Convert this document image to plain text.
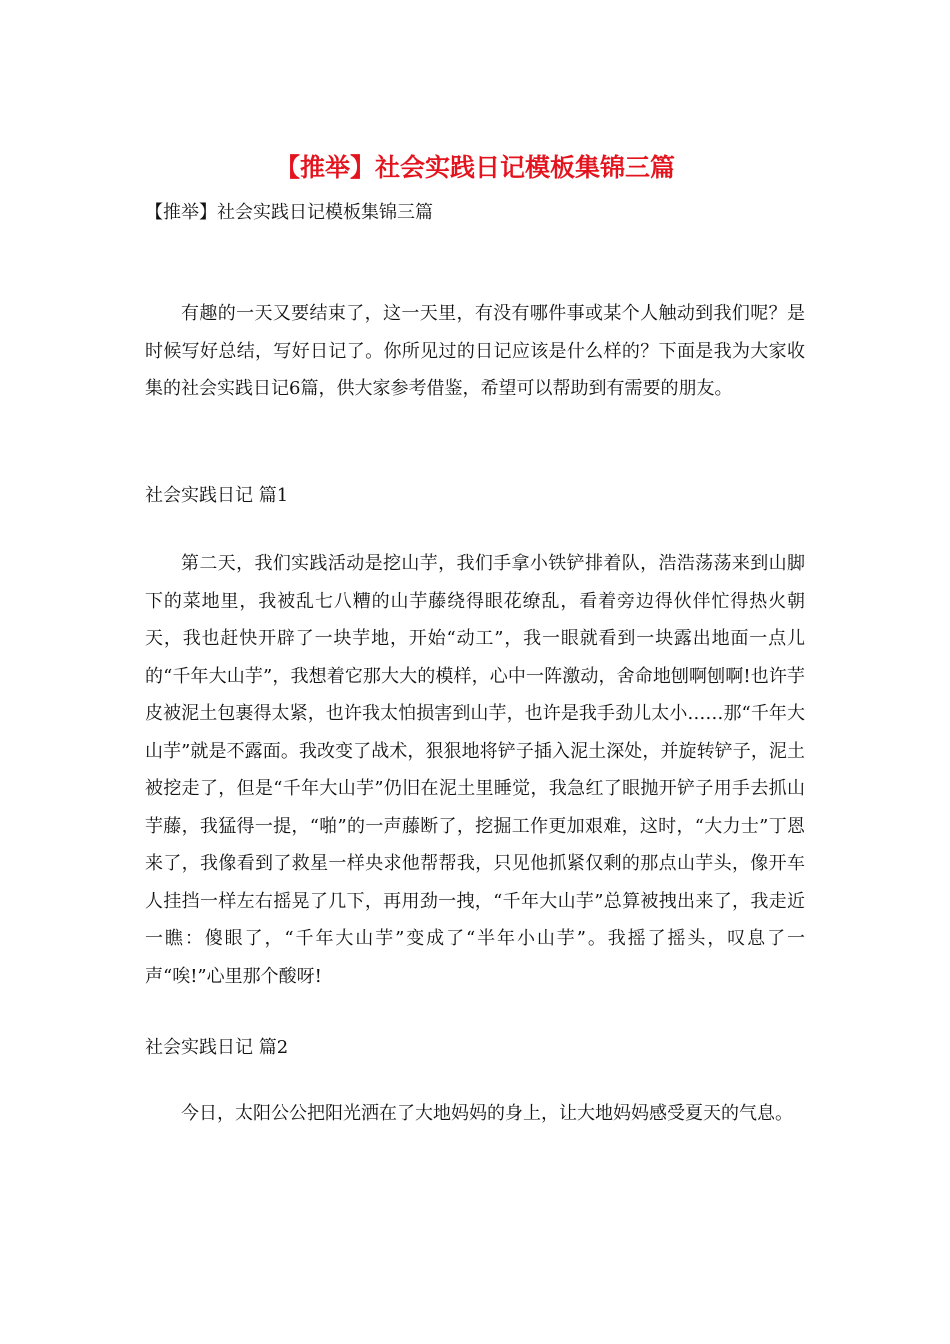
【推举】社会实践日记模板集锦三篇

【推举】社会实践日记模板集锦三篇

有趣的一天又要结束了，这一天里，有没有哪件事或某个人触动到我们呢？是时候写好总结，写好日记了。你所见过的日记应该是什么样的？下面是我为大家收集的社会实践日记6篇，供大家参考借鉴，希望可以帮助到有需要的朋友。

社会实践日记 篇1

第二天，我们实践活动是挖山芋，我们手拿小铁铲排着队，浩浩荡荡来到山脚下的菜地里，我被乱七八糟的山芋藤绕得眼花缭乱，看着旁边得伙伴忙得热火朝天，我也赶快开辟了一块芋地，开始“动工”，我一眼就看到一块露出地面一点儿的“千年大山芋”，我想着它那大大的模样，心中一阵激动，舍命地刨啊刨啊!也许芋皮被泥土包裹得太紧，也许我太怕损害到山芋，也许是我手劲儿太小……那“千年大山芋”就是不露面。我改变了战术，狠狠地将铲子插入泥土深处，并旋转铲子，泥土被挖走了，但是“千年大山芋”仍旧在泥土里睡觉，我急红了眼抛开铲子用手去抓山芋藤，我猛得一提，“啪”的一声藤断了，挖掘工作更加艰难，这时，“大力士”丁恩来了，我像看到了救星一样央求他帮帮我，只见他抓紧仅剩的那点山芋头，像开车人挂挡一样左右摇晃了几下，再用劲一拽，“千年大山芋”总算被拽出来了，我走近一瞧：傻眼了，“千年大山芋”变成了“半年小山芋”。我摇了摇头，叹息了一声“唉!”心里那个酸呀!

社会实践日记 篇2

今日，太阳公公把阳光洒在了大地妈妈的身上，让大地妈妈感受夏天的气息。
